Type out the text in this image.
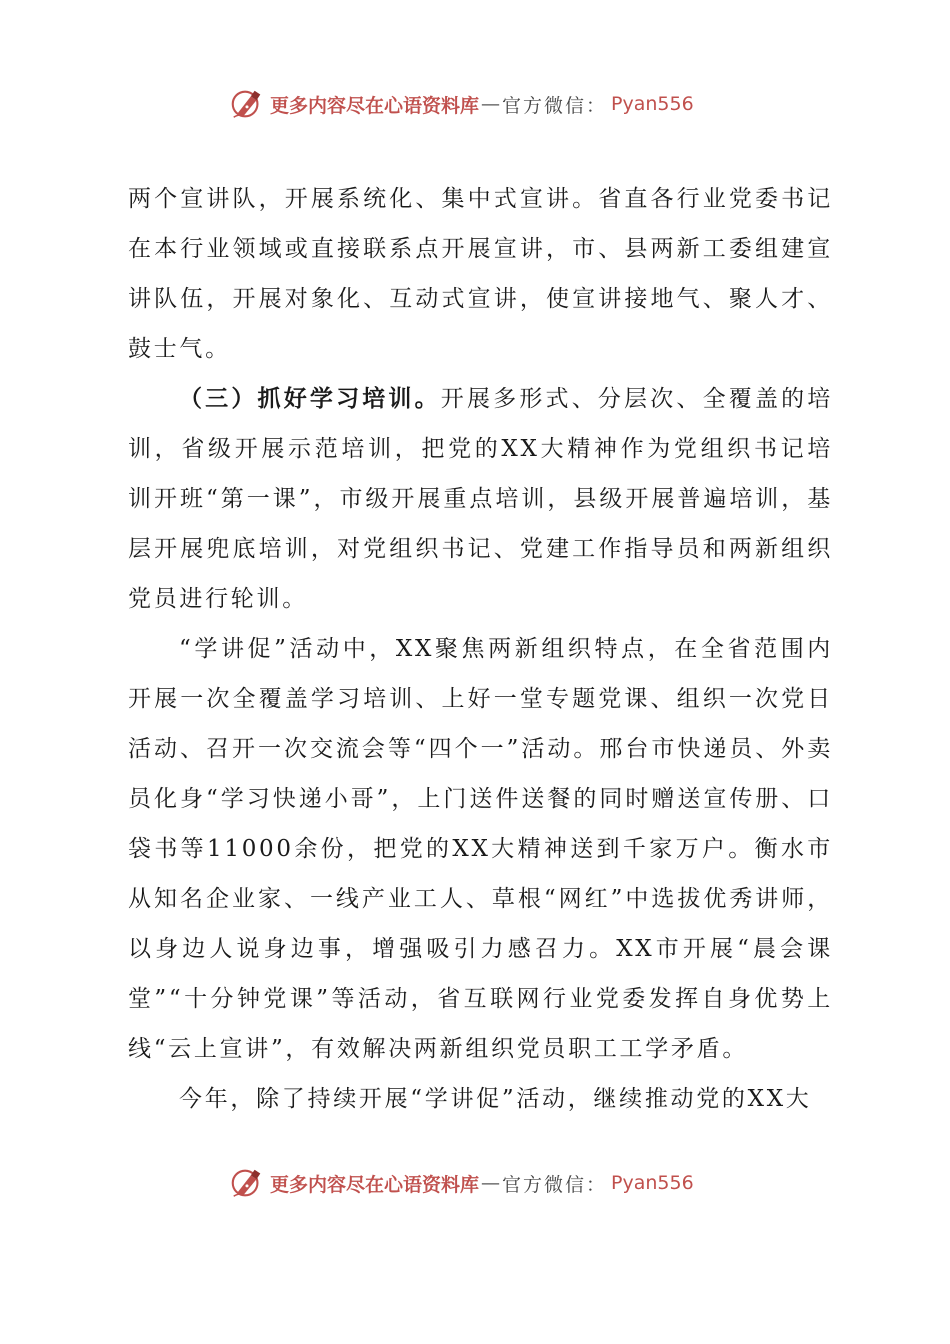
更多内容尽在心语资料库 — 官方微信 ： Pyan556

两个宣讲队，开展系统化、集中式宣讲。省直各行业党委书记在本行业领域或直接联系点开展宣讲，市、县两新工委组建宣讲队伍，开展对象化、互动式宣讲，使宣讲接地气、聚人才、鼓士气。

（三）抓好学习培训。开展多形式、分层次、全覆盖的培训，省级开展示范培训，把党的XX大精神作为党组织书记培训开班“第一课”，市级开展重点培训，县级开展普遍培训，基层开展兜底培训，对党组织书记、党建工作指导员和两新组织党员进行轮训。

“学讲促”活动中，XX聚焦两新组织特点，在全省范围内开展一次全覆盖学习培训、上好一堂专题党课、组织一次党日活动、召开一次交流会等“四个一”活动。邢台市快递员、外卖员化身“学习快递小哥”，上门送件送餐的同时赠送宣传册、口袋书等11000余份，把党的XX大精神送到千家万户。衡水市从知名企业家、一线产业工人、草根“网红”中选拔优秀讲师，以身边人说身边事，增强吸引力感召力。XX市开展“晨会课堂”“十分钟党课”等活动，省互联网行业党委发挥自身优势上线“云上宣讲”，有效解决两新组织党员职工工学矛盾。

今年，除了持续开展“学讲促”活动，继续推动党的XX大

更多内容尽在心语资料库 — 官方微信 ： Pyan556
